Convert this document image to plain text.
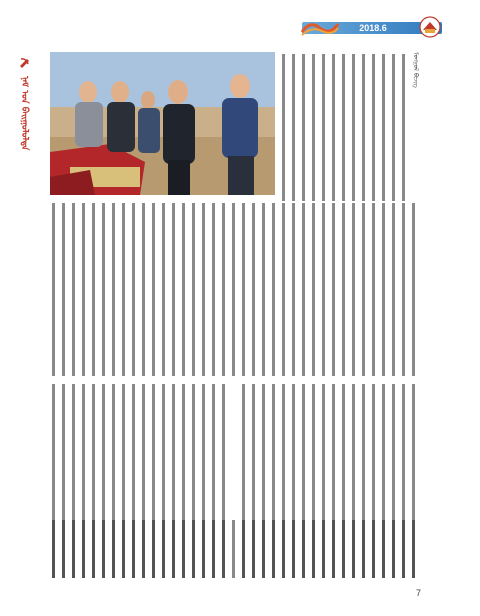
2018.6
ᠨᠠᠮ ᠤᠨ ᠪᠠᠢᠭᠤᠯᠤᠯᠲᠠ
ᠮᠣᠩᠭᠣᠯ ᠪᠢᠴᠢᠭ
7
